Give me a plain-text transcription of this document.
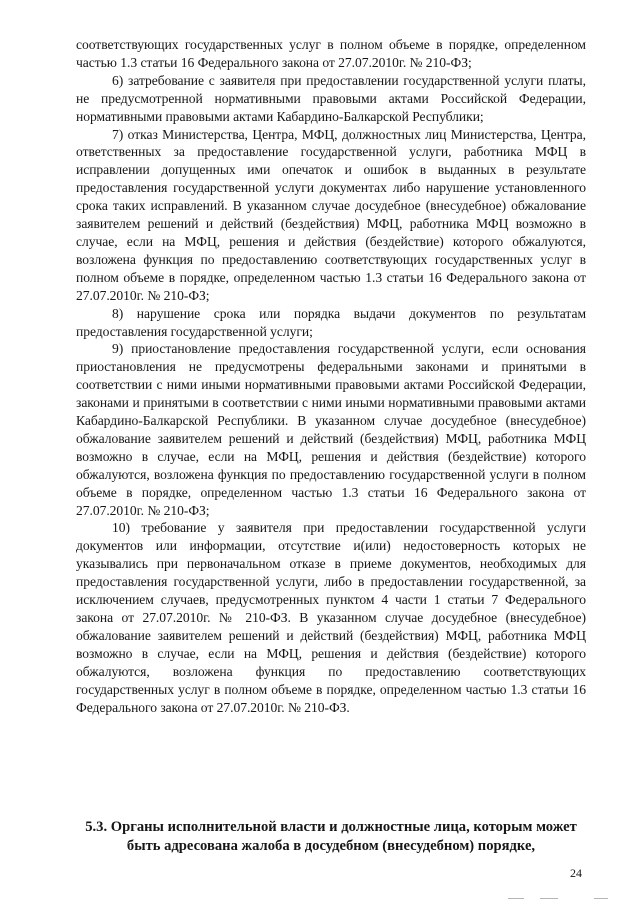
соответствующих государственных услуг в полном объеме в порядке, определенном частью 1.3 статьи 16 Федерального закона от 27.07.2010г. № 210-ФЗ;

6) затребование с заявителя при предоставлении государственной услуги платы, не предусмотренной нормативными правовыми актами Российской Федерации, нормативными правовыми актами Кабардино-Балкарской Республики;

7) отказ Министерства, Центра, МФЦ, должностных лиц Министерства, Центра, ответственных за предоставление государственной услуги, работника МФЦ в исправлении допущенных ими опечаток и ошибок в выданных в результате предоставления государственной услуги документах либо нарушение установленного срока таких исправлений. В указанном случае досудебное (внесудебное) обжалование заявителем решений и действий (бездействия) МФЦ, работника МФЦ возможно в случае, если на МФЦ, решения и действия (бездействие) которого обжалуются, возложена функция по предоставлению соответствующих государственных услуг в полном объеме в порядке, определенном частью 1.3 статьи 16 Федерального закона от 27.07.2010г. № 210-ФЗ;

8) нарушение срока или порядка выдачи документов по результатам предоставления государственной услуги;

9) приостановление предоставления государственной услуги, если основания приостановления не предусмотрены федеральными законами и принятыми в соответствии с ними иными нормативными правовыми актами Российской Федерации, законами и принятыми в соответствии с ними иными нормативными правовыми актами Кабардино-Балкарской Республики. В указанном случае досудебное (внесудебное) обжалование заявителем решений и действий (бездействия) МФЦ, работника МФЦ возможно в случае, если на МФЦ, решения и действия (бездействие) которого обжалуются, возложена функция по предоставлению государственной услуги в полном объеме в порядке, определенном частью 1.3 статьи 16 Федерального закона от 27.07.2010г. № 210-ФЗ;

10) требование у заявителя при предоставлении государственной услуги документов или информации, отсутствие и(или) недостоверность которых не указывались при первоначальном отказе в приеме документов, необходимых для предоставления государственной услуги, либо в предоставлении государственной, за исключением случаев, предусмотренных пунктом 4 части 1 статьи 7 Федерального закона от 27.07.2010г. № 210-ФЗ. В указанном случае досудебное (внесудебное) обжалование заявителем решений и действий (бездействия) МФЦ, работника МФЦ возможно в случае, если на МФЦ, решения и действия (бездействие) которого обжалуются, возложена функция по предоставлению соответствующих государственных услуг в полном объеме в порядке, определенном частью 1.3 статьи 16 Федерального закона от 27.07.2010г. № 210-ФЗ.

5.3. Органы исполнительной власти и должностные лица, которым может быть адресована жалоба в досудебном (внесудебном) порядке,

24
